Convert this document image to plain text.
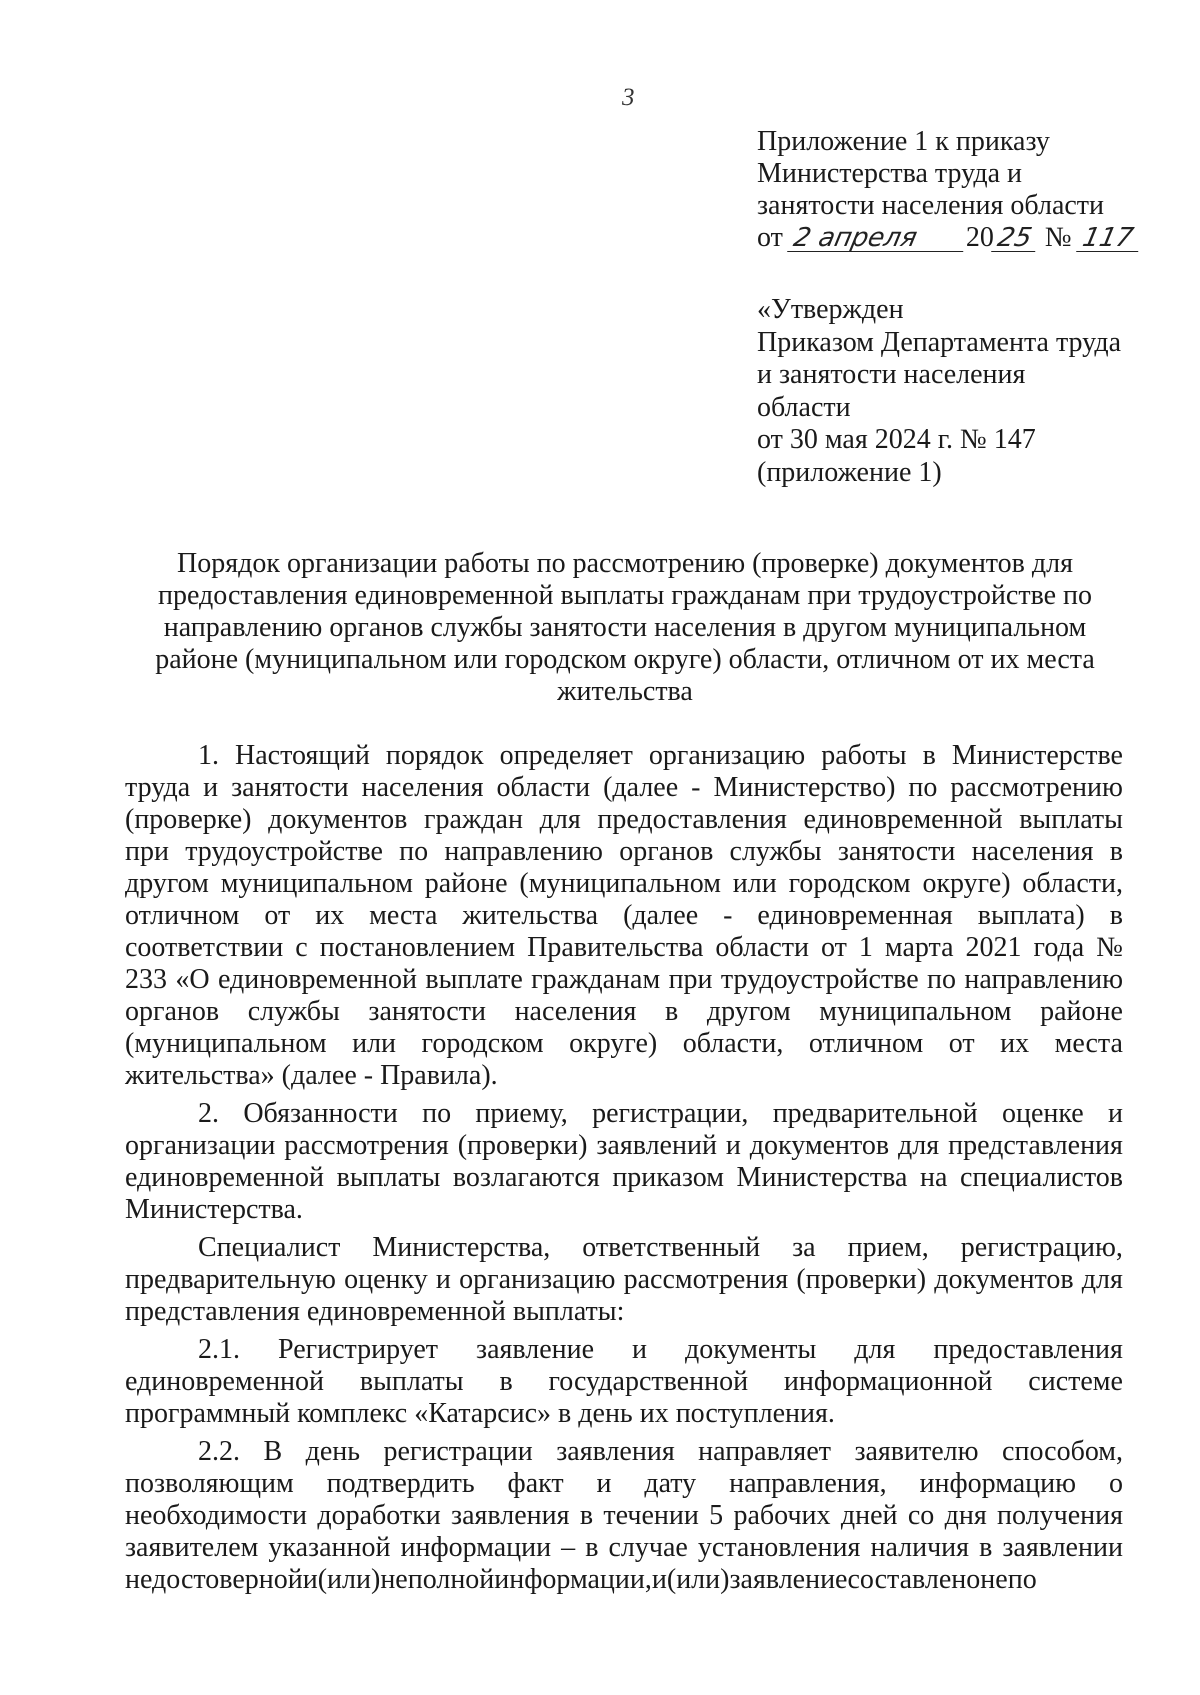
3
Приложение 1 к приказу
Министерства труда и
занятости населения области
от 2 апреля 2025 № 117
«Утвержден
Приказом Департамента труда
и занятости населения
области
от 30 мая 2024 г. № 147
(приложение 1)
Порядок организации работы по рассмотрению (проверке) документов для
предоставления единовременной выплаты гражданам при трудоустройстве по
направлению органов службы занятости населения в другом муниципальном
районе (муниципальном или городском округе) области, отличном от их места
жительства
1. Настоящий порядок определяет организацию работы в Министерстве
труда и занятости населения области (далее - Министерство) по рассмотрению
(проверке) документов граждан для предоставления единовременной выплаты
при трудоустройстве по направлению органов службы занятости населения в
другом муниципальном районе (муниципальном или городском округе) области,
отличном от их места жительства (далее - единовременная выплата) в
соответствии с постановлением Правительства области от 1 марта 2021 года №
233 «О единовременной выплате гражданам при трудоустройстве по направлению
органов службы занятости населения в другом муниципальном районе
(муниципальном или городском округе) области, отличном от их места
жительства» (далее - Правила).
2. Обязанности по приему, регистрации, предварительной оценке и
организации рассмотрения (проверки) заявлений и документов для представления
единовременной выплаты возлагаются приказом Министерства на специалистов
Министерства.
Специалист Министерства, ответственный за прием, регистрацию,
предварительную оценку и организацию рассмотрения (проверки) документов для
представления единовременной выплаты:
2.1. Регистрирует заявление и документы для предоставления
единовременной выплаты в государственной информационной системе
программный комплекс «Катарсис» в день их поступления.
2.2. В день регистрации заявления направляет заявителю способом,
позволяющим подтвердить факт и дату направления, информацию о
необходимости доработки заявления в течении 5 рабочих дней со дня получения
заявителем указанной информации – в случае установления наличия в заявлении
недостоверной и (или) неполной информации, и (или) заявление составлено не по
